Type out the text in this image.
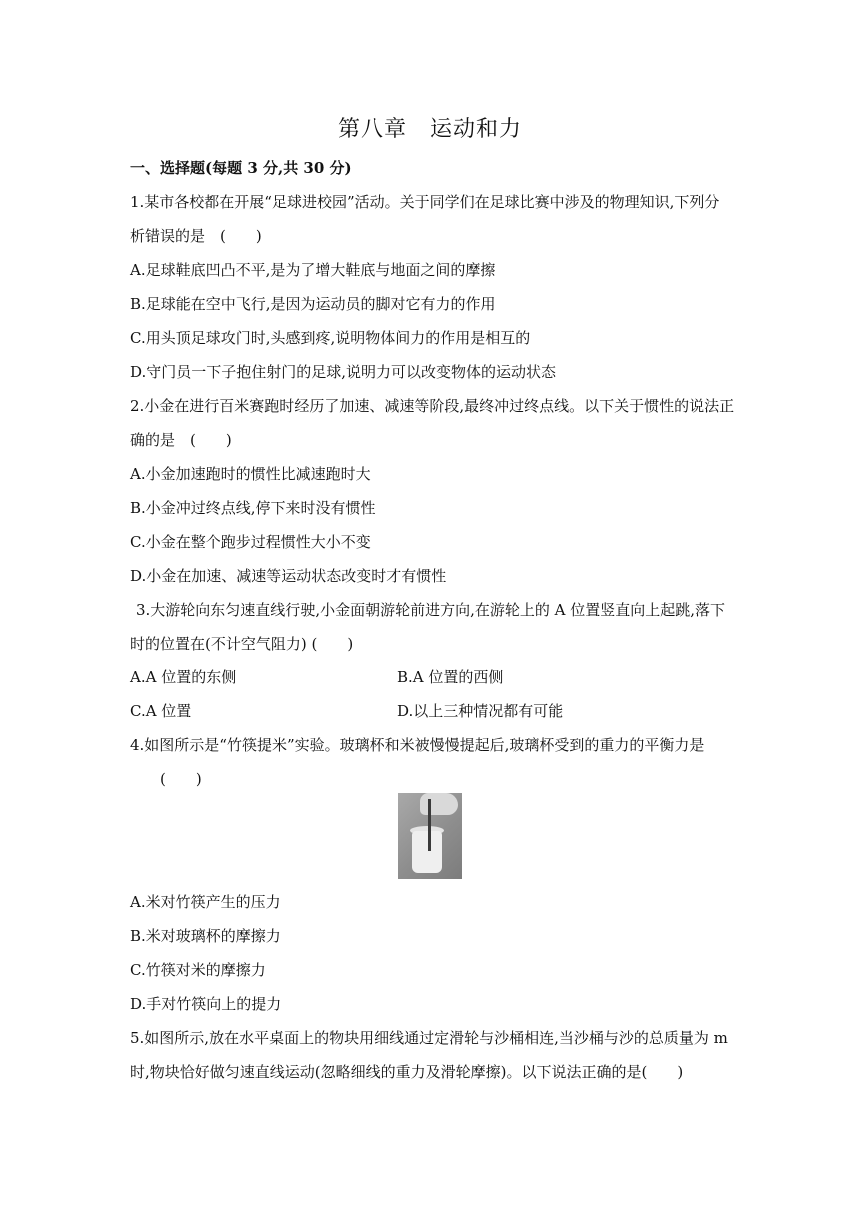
第八章　运动和力
一、选择题(每题 3 分,共 30 分)
1.某市各校都在开展“足球进校园”活动。关于同学们在足球比赛中涉及的物理知识,下列分
析错误的是　(　　)
A.足球鞋底凹凸不平,是为了增大鞋底与地面之间的摩擦
B.足球能在空中飞行,是因为运动员的脚对它有力的作用
C.用头顶足球攻门时,头感到疼,说明物体间力的作用是相互的
D.守门员一下子抱住射门的足球,说明力可以改变物体的运动状态
2.小金在进行百米赛跑时经历了加速、减速等阶段,最终冲过终点线。以下关于惯性的说法正
确的是　(　　)
A.小金加速跑时的惯性比减速跑时大
B.小金冲过终点线,停下来时没有惯性
C.小金在整个跑步过程惯性大小不变
D.小金在加速、减速等运动状态改变时才有惯性
3.大游轮向东匀速直线行驶,小金面朝游轮前进方向,在游轮上的 A 位置竖直向上起跳,落下
时的位置在(不计空气阻力) (　　)
A.A 位置的东侧	B.A 位置的西侧
C.A 位置	D.以上三种情况都有可能
4.如图所示是“竹筷提米”实验。玻璃杯和米被慢慢提起后,玻璃杯受到的重力的平衡力是
(　　)
A.米对竹筷产生的压力
B.米对玻璃杯的摩擦力
C.竹筷对米的摩擦力
D.手对竹筷向上的提力
5.如图所示,放在水平桌面上的物块用细线通过定滑轮与沙桶相连,当沙桶与沙的总质量为 m
时,物块恰好做匀速直线运动(忽略细线的重力及滑轮摩擦)。以下说法正确的是(　　)
